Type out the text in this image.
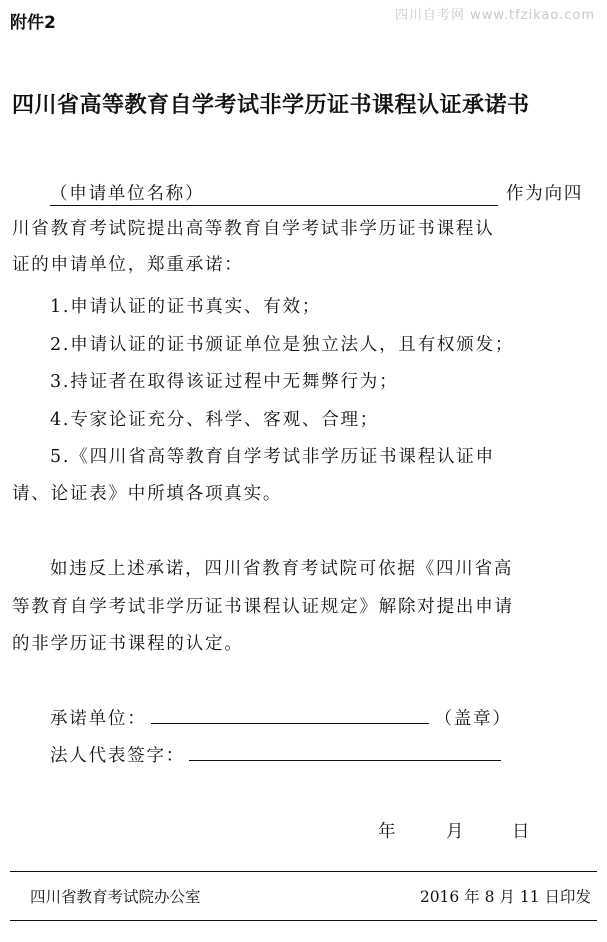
附件2	四川自考网 www.tfzikao.com
四川省高等教育自学考试非学历证书课程认证承诺书
（申请单位名称）	作为向四
川省教育考试院提出高等教育自学考试非学历证书课程认
证的申请单位，郑重承诺：
1.申请认证的证书真实、有效；
2.申请认证的证书颁证单位是独立法人，且有权颁发；
3.持证者在取得该证过程中无舞弊行为；
4.专家论证充分、科学、客观、合理；
5.《四川省高等教育自学考试非学历证书课程认证申
请、论证表》中所填各项真实。
如违反上述承诺，四川省教育考试院可依据《四川省高
等教育自学考试非学历证书课程认证规定》解除对提出申请
的非学历证书课程的认定。
承诺单位：	（盖章）
法人代表签字：
年	月	日
四川省教育考试院办公室	2016 年 8 月 11 日印发
